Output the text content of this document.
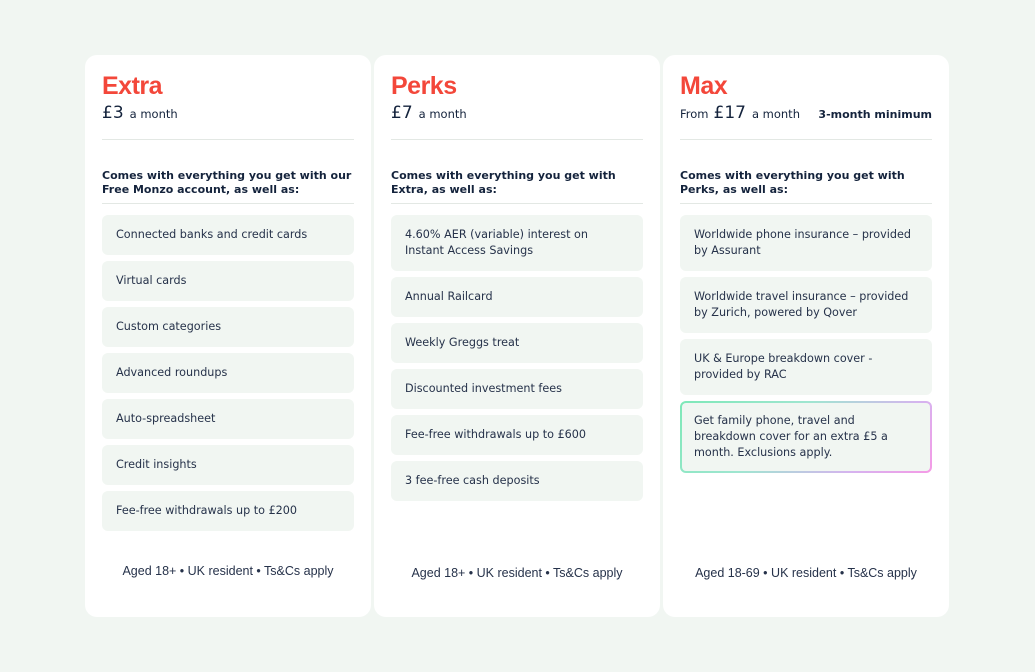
Extra
£3 a month
Comes with everything you get with our Free Monzo account, as well as:
Connected banks and credit cards
Virtual cards
Custom categories
Advanced roundups
Auto-spreadsheet
Credit insights
Fee-free withdrawals up to £200
Aged 18+ • UK resident • Ts&Cs apply
Perks
£7 a month
Comes with everything you get with Extra, as well as:
4.60% AER (variable) interest on Instant Access Savings
Annual Railcard
Weekly Greggs treat
Discounted investment fees
Fee-free withdrawals up to £600
3 fee-free cash deposits
Aged 18+ • UK resident • Ts&Cs apply
Max
From £17 a month 3-month minimum
Comes with everything you get with Perks, as well as:
Worldwide phone insurance – provided by Assurant
Worldwide travel insurance – provided by Zurich, powered by Qover
UK & Europe breakdown cover - provided by RAC
Get family phone, travel and breakdown cover for an extra £5 a month. Exclusions apply.
Aged 18-69 • UK resident • Ts&Cs apply
